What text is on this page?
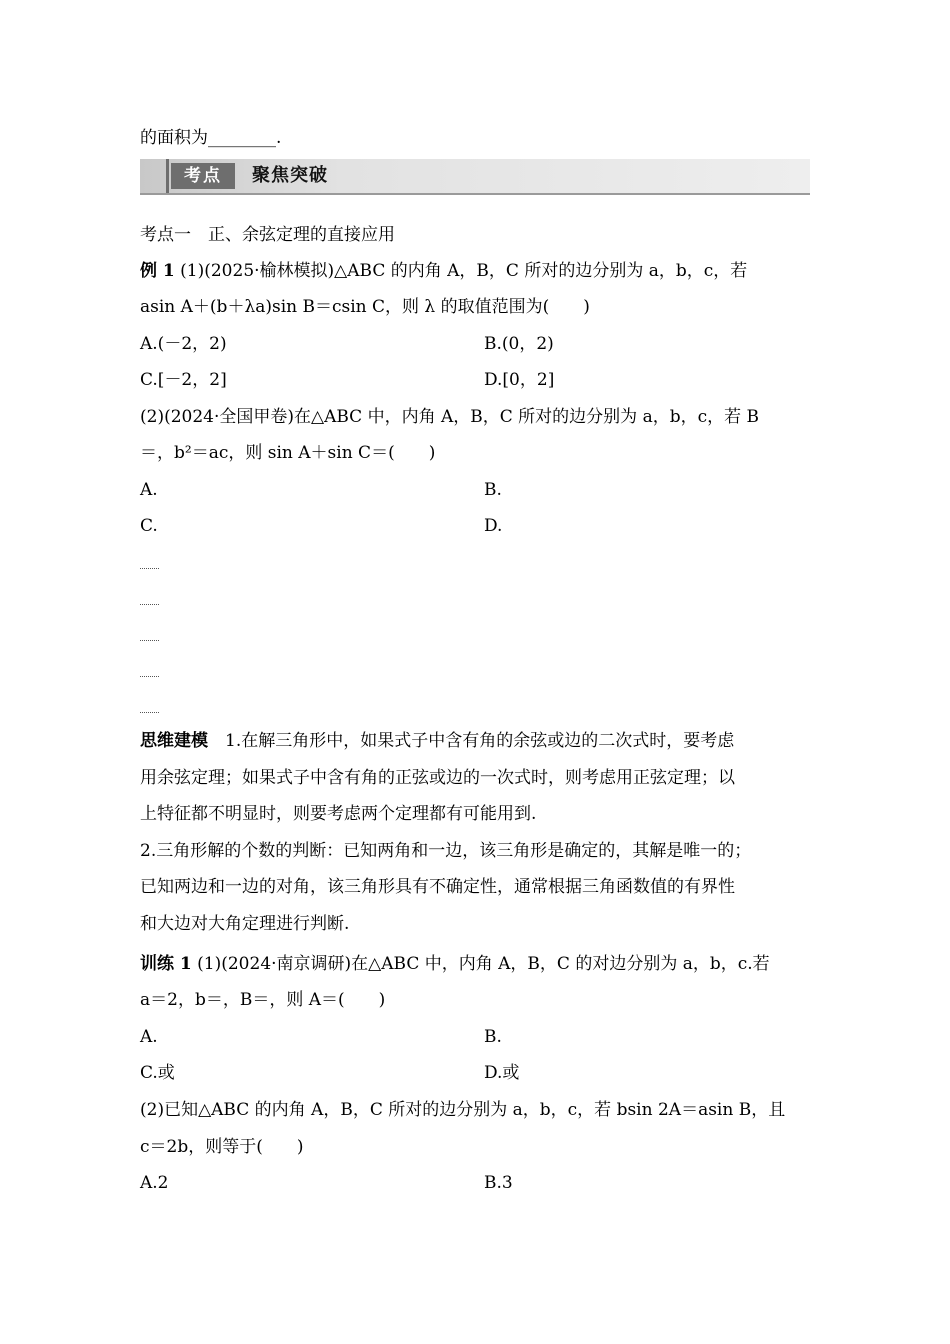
的面积为________.
考点	聚焦突破
考点一　正、余弦定理的直接应用
例 1 (1)(2025·榆林模拟)△ABC 的内角 A，B，C 所对的边分别为 a，b，c，若
asin A＋(b＋λa)sin B＝csin C，则 λ 的取值范围为(　　)
A.(－2，2)	B.(0，2)
C.[－2，2]	D.[0，2]
(2)(2024·全国甲卷)在△ABC 中，内角 A，B，C 所对的边分别为 a，b，c，若 B
＝，b²＝ac，则 sin A＋sin C＝(　　)
A.	B.
C.	D.
思维建模　 1.在解三角形中，如果式子中含有角的余弦或边的二次式时，要考虑
用余弦定理；如果式子中含有角的正弦或边的一次式时，则考虑用正弦定理；以
上特征都不明显时，则要考虑两个定理都有可能用到.
2.三角形解的个数的判断：已知两角和一边，该三角形是确定的，其解是唯一的；
已知两边和一边的对角，该三角形具有不确定性，通常根据三角函数值的有界性
和大边对大角定理进行判断.
训练 1 (1)(2024·南京调研)在△ABC 中，内角 A，B，C 的对边分别为 a，b，c.若
a＝2，b＝，B＝，则 A＝(　　)
A.	B.
C.或	D.或
(2)已知△ABC 的内角 A，B，C 所对的边分别为 a，b，c，若 bsin 2A＝asin B，且
c＝2b，则等于(　　)
A.2	B.3
